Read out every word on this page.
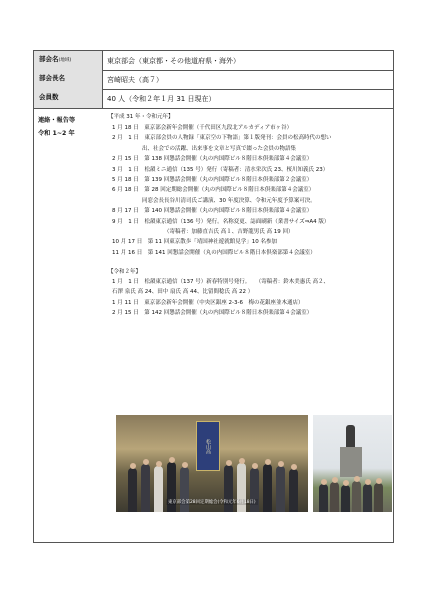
部会名(地域)	東京部会（東京都・その他道府県・海外）
部会長名	宮崎昭夫（高７）
会員数	40 人（令和２年１月 31 日現在）
連絡・報告等
令和 1~2 年
【平成 31 年・令和元年】
1 月 18 日　東京部会新年会開催（千代田区九段北アルカディア市ヶ谷）
2 月　1 日　東京部会員の人物録「東京空の下物語」第１版発刊：会員の松高時代の想い
出、社会での活躍、出来事を文章と写真で綴った会員の物語集
2 月 15 日　第 138 回懇話会開催（丸の内国際ビル８階日本倶楽部第４会議室）
3 月　1 日　松韻ミニ通信（135 号）発行（寄稿者：清水栄次氏 23、桜川知義氏 23）
5 月 18 日　第 139 回懇話会開催（丸の内国際ビル８階日本倶楽部第２会議室）
6 月 18 日　第 28 回定期総会開催（丸の内国際ビル８階日本倶楽部第４会議室）
同窓会長長谷川清司氏ご講演、30 年度決算、令和元年度予算案可決。
8 月 17 日　第 140 回懇話会開催（丸の内国際ビル８階日本倶楽部第４会議室）
9 月　1 日　松韻東京通信（136 号）発行。名称変更、誌面刷新（業書サイズ⇒A4 版）
（寄稿者：加藤直吉氏 高１、吉野龍男氏 高 19 回）
10 月 17 日　第 11 回東京散歩「靖国神社遊就館見学」10 名参加
11 月 16 日　第 141 回懇話会開催（丸の内国際ビル８階日本倶楽部第４会議室）
【令和２年】
1 月　1 日　松韻東京通信（137 号）新春特別号発行。　　（寄稿者：鈴木美惠氏 高２、
石澤 泉氏 高 24、田中 扇氏 高 44、比留間稔氏 高 22 ）
1 月 11 日　東京部会新年会開催（中央区銀座 2-3-6　梅の花銀座並木通店）
2 月 15 日　第 142 回懇話会開催（丸の内国際ビル８階日本倶楽部第４会議室）
松山高
東京部会第28回定期総会(令和元年6月18日)
